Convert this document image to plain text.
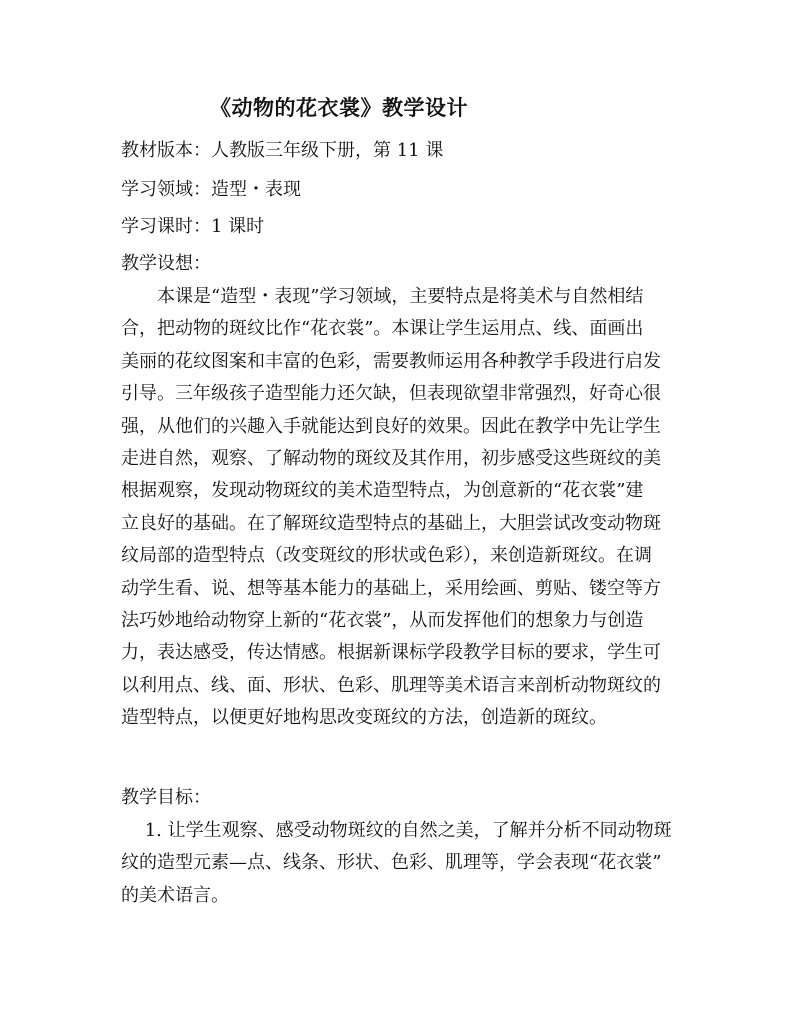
《动物的花衣裳》教学设计
教材版本：人教版三年级下册，第 11 课
学习领域：造型・表现
学习课时：1 课时
教学设想：
　　本课是“造型・表现”学习领域，主要特点是将美术与自然相结
合，把动物的斑纹比作“花衣裳”。本课让学生运用点、线、面画出
美丽的花纹图案和丰富的色彩，需要教师运用各种教学手段进行启发
引导。三年级孩子造型能力还欠缺，但表现欲望非常强烈，好奇心很
强，从他们的兴趣入手就能达到良好的效果。因此在教学中先让学生
走进自然，观察、了解动物的斑纹及其作用，初步感受这些斑纹的美
根据观察，发现动物斑纹的美术造型特点，为创意新的“花衣裳”建
立良好的基础。在了解斑纹造型特点的基础上，大胆尝试改变动物斑
纹局部的造型特点（改变斑纹的形状或色彩），来创造新斑纹。在调
动学生看、说、想等基本能力的基础上，采用绘画、剪贴、镂空等方
法巧妙地给动物穿上新的“花衣裳”，从而发挥他们的想象力与创造
力，表达感受，传达情感。根据新课标学段教学目标的要求，学生可
以利用点、线、面、形状、色彩、肌理等美术语言来剖析动物斑纹的
造型特点，以便更好地构思改变斑纹的方法，创造新的斑纹。
教学目标：
　 1. 让学生观察、感受动物斑纹的自然之美，了解并分析不同动物斑
纹的造型元素—点、线条、形状、色彩、肌理等，学会表现“花衣裳”
的美术语言。
